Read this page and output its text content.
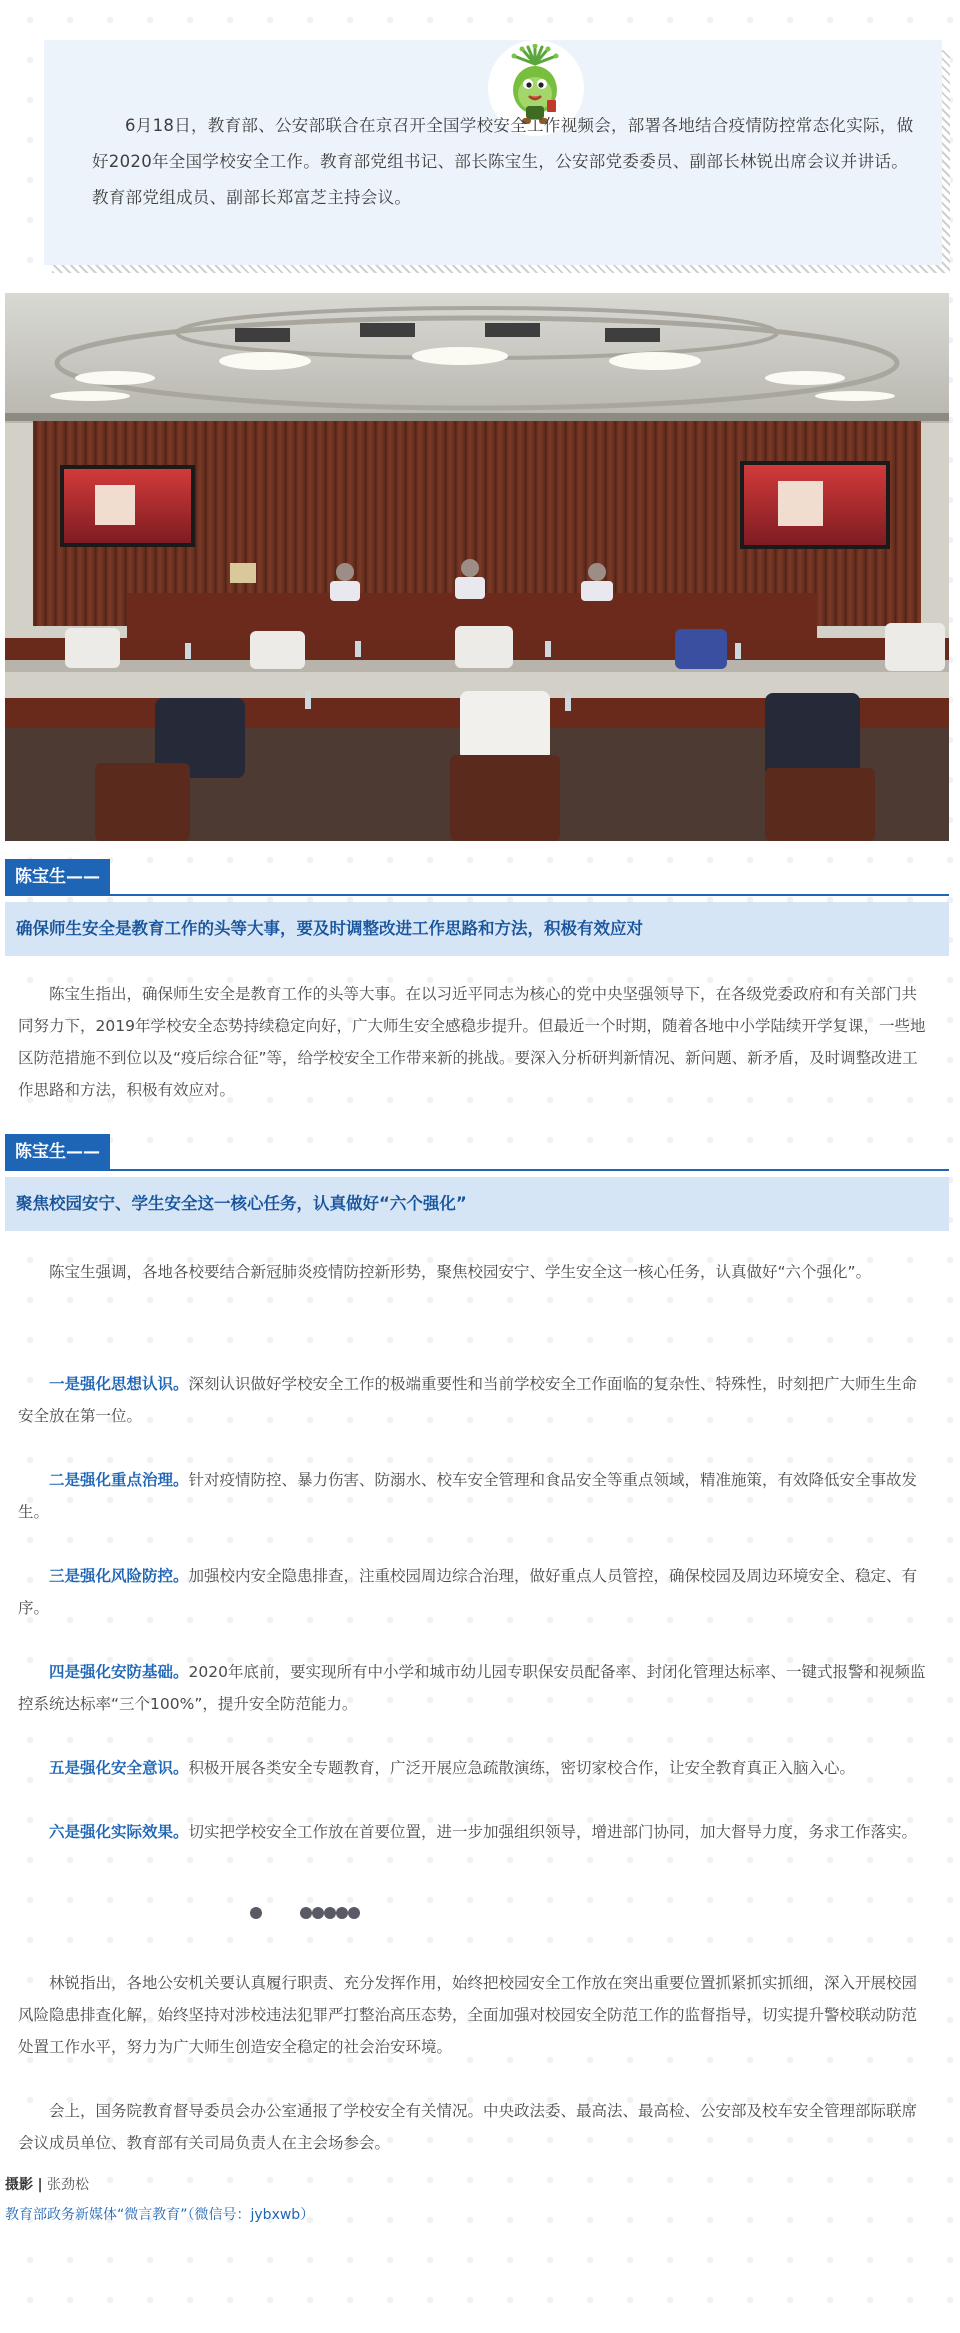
6月18日，教育部、公安部联合在京召开全国学校安全工作视频会，部署各地结合疫情防控常态化实际，做好2020年全国学校安全工作。教育部党组书记、部长陈宝生，公安部党委委员、副部长林锐出席会议并讲话。教育部党组成员、副部长郑富芝主持会议。
陈宝生——
确保师生安全是教育工作的头等大事，要及时调整改进工作思路和方法，积极有效应对
陈宝生指出，确保师生安全是教育工作的头等大事。在以习近平同志为核心的党中央坚强领导下，在各级党委政府和有关部门共同努力下，2019年学校安全态势持续稳定向好，广大师生安全感稳步提升。但最近一个时期，随着各地中小学陆续开学复课，一些地区防范措施不到位以及“疫后综合征”等，给学校安全工作带来新的挑战。要深入分析研判新情况、新问题、新矛盾，及时调整改进工作思路和方法，积极有效应对。
陈宝生——
聚焦校园安宁、学生安全这一核心任务，认真做好“六个强化”
陈宝生强调，各地各校要结合新冠肺炎疫情防控新形势，聚焦校园安宁、学生安全这一核心任务，认真做好“六个强化”。
一是强化思想认识。深刻认识做好学校安全工作的极端重要性和当前学校安全工作面临的复杂性、特殊性，时刻把广大师生生命安全放在第一位。
二是强化重点治理。针对疫情防控、暴力伤害、防溺水、校车安全管理和食品安全等重点领域，精准施策，有效降低安全事故发生。
三是强化风险防控。加强校内安全隐患排查，注重校园周边综合治理，做好重点人员管控，确保校园及周边环境安全、稳定、有序。
四是强化安防基础。2020年底前，要实现所有中小学和城市幼儿园专职保安员配备率、封闭化管理达标率、一键式报警和视频监控系统达标率“三个100%”，提升安全防范能力。
五是强化安全意识。积极开展各类安全专题教育，广泛开展应急疏散演练，密切家校合作，让安全教育真正入脑入心。
六是强化实际效果。切实把学校安全工作放在首要位置，进一步加强组织领导，增进部门协同，加大督导力度，务求工作落实。
林锐指出，各地公安机关要认真履行职责、充分发挥作用，始终把校园安全工作放在突出重要位置抓紧抓实抓细，深入开展校园风险隐患排查化解，始终坚持对涉校违法犯罪严打整治高压态势，全面加强对校园安全防范工作的监督指导，切实提升警校联动防范处置工作水平，努力为广大师生创造安全稳定的社会治安环境。
会上，国务院教育督导委员会办公室通报了学校安全有关情况。中央政法委、最高法、最高检、公安部及校车安全管理部际联席会议成员单位、教育部有关司局负责人在主会场参会。
摄影 | 张劲松
教育部政务新媒体“微言教育”（微信号：jybxwb）
